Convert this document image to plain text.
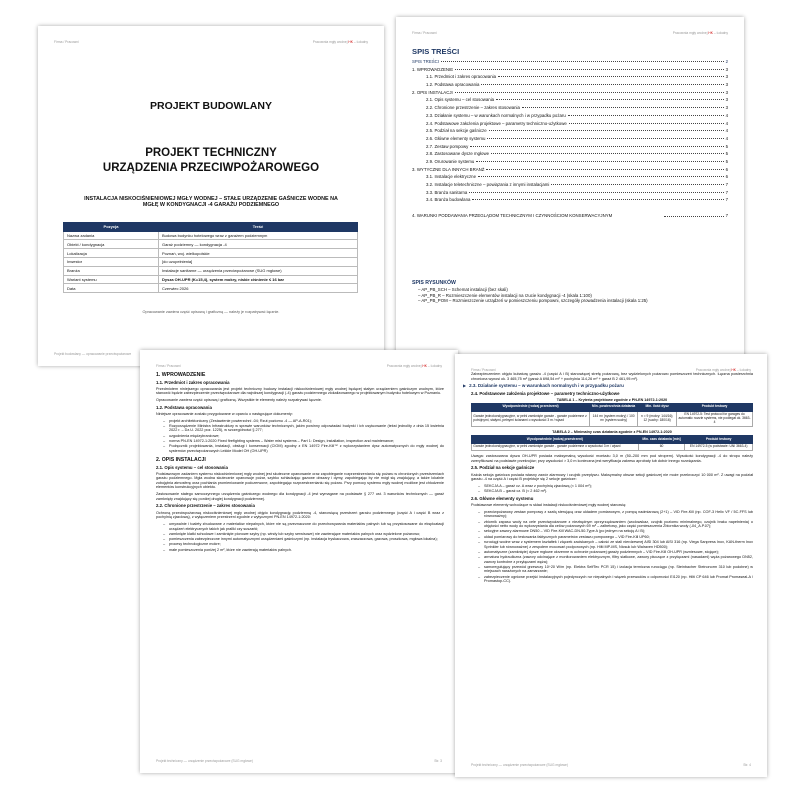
Firma / Pracowni	Pracownia mgły wodnej HK – Łokalny
PROJEKT BUDOWLANY
PROJEKT TECHNICZNY
URZĄDZENIA PRZECIWPOŻAROWEGO
INSTALACJA NISKOCIŚNIENIOWEJ MGŁY WODNEJ – STAŁE URZĄDZENIE GAŚNICZE WODNE NA MGŁĘ W KONDYGNACJI -4 GARAŻU PODZIEMNEGO
Pozycja	Treść
Nazwa zadania	Budowa budynku hotelowego wraz z garażem podziemnym
Obiekt / kondygnacja	Garaż podziemny — kondygnacja -4
Lokalizacja	Poznań, woj. wielkopolskie
Inwestor	[do uzupełnienia]
Branża	Instalacje sanitarne — urządzenia przeciwpożarowe (SUG mgłowe)
Wariant systemu	Dysza OH-UPR (K=15,4), system mokry, niskie ciśnienie ≤ 16 bar
Data	Czerwiec 2026
Opracowanie zawiera część opisową i graficzną — należy je rozpatrywać łącznie.
Projekt budowlany — opracowanie przeciwpożarowe
Firma / Pracowni	Pracownia mgły wodnej HK – Łokalny
SPIS TREŚCI
SPIS TREŚCI	2
1. WPROWADZENIE	3
1.1. Przedmiot i zakres opracowania	3
1.2. Podstawa opracowania	3
2. OPIS INSTALACJI	3
2.1. Opis systemu – cel stosowania	3
2.2. Chronione przestrzenie – zakres stosowania	3
2.3. Działanie systemu – w warunkach normalnych i w przypadku pożaru	4
2.4. Podstawowe założenia projektowe – parametry techniczno-użytkowe	4
2.5. Podział na sekcje gaśnicze	4
2.6. Główne elementy systemu	4
2.7. Zestaw pompowy	5
2.8. Zastosowane dysze mgłowe	5
2.9. Orurowanie systemu	5
3. WYTYCZNE DLA INNYCH BRANŻ	6
3.1. Instalacje elektryczne	6
3.2. Instalacje teletechniczne – powiązania z innymi instalacjami	7
3.3. Branża sanitarna	7
3.4. Branża budowlana	7
4. WARUNKI PODDAWANIA PRZEGLĄDOM TECHNICZNYM I CZYNNOŚCIOM KONSERWACYJNYM	7
SPIS RYSUNKÓW
– AP_PB_SCH – Schemat instalacji (bez skali)
– AP_PB_R – Rozmieszczenie elementów instalacji na rzucie kondygnacji -4 (skala 1:100)
– AP_PB_POM – Rozmieszczenie urządzeń w pomieszczeniu pompowni, szczegóły prowadzenia instalacji (skala 1:25)
Firma / Pracowni	Pracownia mgły wodnej HK – Łokalny
1. WPROWADZENIE
1.1. Przedmiot i zakres opracowania

Przedmiotem niniejszego opracowania jest projekt techniczny budowy instalacji niskociśnieniowej mgły wodnej będącej stałym urządzeniem gaśniczym wodnym, które stanowić będzie zabezpieczenie przeciwpożarowe dla najniższej kondygnacji (-4) garażu podziemnego zlokalizowanego w projektowanym budynku hotelowym w Poznaniu.

Opracowanie zawiera część opisową i graficzną. Wszystkie te elementy należy rozpatrywać łącznie.

1.2. Podstawa opracowania

Niniejsze opracowanie zostało przygotowane w oparciu o następujące dokumenty:

– projekt architektoniczny (Zestawienie powierzchni -04; Rzut poziomu -4 — AP-A-R01);
– Rozporządzenie Ministra Infrastruktury w sprawie warunków technicznych, jakim powinny odpowiadać budynki i ich usytuowanie (tekst jednolity z dnia 15 kwietnia 2022 r. – Dz.U. 2022 poz. 1225), w szczególności § 277;
– uzgodnienia międzybranżowe;
– norma PN-EN 14972-1:2020 Fixed firefighting systems – Water mist systems – Part 1: Design, installation, inspection and maintenance;
– Podręcznik projektowania, instalacji, obsługi i konserwacji (CIOM) zgodny z EN 14972 Fire-Kill™ z wykorzystaniem dysz automatycznych do mgły wodnej do systemów przeciwpożarowych Lekkie Model OH (OH-UPR)
2. OPIS INSTALACJI
2.1. Opis systemu – cel stosowania

Podstawowym zadaniem systemu niskociśnieniowej mgły wodnej jest skuteczne opanowanie oraz zapobieganie rozprzestrzenianiu się pożaru w chronionych przestrzeniach garażu podziemnego. Mgła wodna skutecznie opanowuje pożar, szybko schładzając gazowe obszary i dymy, zapobiegając by nie mógł się znajdujący, a także lokalnie zobojętnia atmosferę oraz pochłania promieniowanie podczerwone, zapobiegając rozprzestrzenianiu się pożaru. Przy pomocy systemu mgły wodnej możliwe jest chłodzenie elementów konstrukcyjnych obiektu.

Zastosowanie stałego samoczynnego urządzenia gaśniczego wodnego dla kondygnacji -4 jest wymagane na podstawie § 277 ust. 3 warunków technicznych — garaż zamknięty znajdujący się poniżej drugiej kondygnacji podziemnej.

2.2. Chronione przestrzenie – zakres stosowania

Ochroną przeciwpożarową niskociśnieniowej mgły wodnej objęto kondygnację podziemną -4, stanowiącą przestrzeń garażu podziemnego (część A i część B wraz z pochylnią zjazdową), z wyłączeniem przestrzeni zgodnie z wytycznymi PN-EN 14972-1:2020:

– umywalnie i toalety zbudowane z materiałów niepalnych, które nie są przeznaczone do przechowywania materiałów palnych lub są przystosowane do eksploatacji urządzeń elektrycznych takich jak prallki czy suszarki;
– zamknięte klatki schodowe i zamknięte pionowe szyby (np. windy lub szyby serwisowe) nie zawierające materiałów palnych oraz wydzielone pożarowo;
– pomieszczenia zabezpieczone innymi automatycznymi urządzeniami gaśniczymi (np. instalacja tryskaczowa, zraszaczowa, gazowa, proszkowa, mgłowa lokalna);
– procesy technologiczne mokre;
– małe pomieszczenia poniżej 2 m², które nie zawierają materiałów palnych.
Projekt techniczny — urządzenie przeciwpożarowe (SUG mgłowe)	Str. 3
Firma / Pracowni	Pracownia mgły wodnej HK – Łokalny

Zabezpieczeniem objęto kubaturę garażu -4 (część A i B) stanowiącej strefę pożarową, bez wydzielonych pożarowo pomieszczeń technicznych. Łączna powierzchnia chroniona wynosi ok. 3 465,75 m² (garaż A 698,54 m² + pochylnia 114,26 m² + garaż B 2 461,95 m²).

▶ 2.3. Działanie systemu – w warunkach normalnych i w przypadku pożaru
2.4. Podstawowe założenia projektowe – parametry techniczno-użytkowe
TABELA 1 – Kryteria projektowe zgodnie z PN-EN 14972-1:2020
Wyodpowiednie (rodzaj przestrzeni)	Min. powierzchnia działania	Min. ilość dysz	Produkt testowy
Garaże jednokondygnacyjne, w pełni zamknięte garaże - garaże podziemne z potrójnymi, stałymi, pełnymi ścianami o wysokości 3 m / wjazd	144 m² (system mokry) / 100 m² (system suchy)	n = 9 (mokry: 144/16); 12 (suchy: 180/16)	EN 14972-5: Test protocol for garages do automatic nozzle systems, nie podlegał ok. 3663-4
TABELA 2 – Minimalny czas działania zgodnie z PN-EN 14972-1:2020
Wyodpowiednie (rodzaj przestrzeni)	Min. czas działania [min]	Produkt testowy
Garaże jednokondygnacyjne, w pełni zamknięte garaże - garaże podziemne o wysokości 3 m / wjazd	60	EN 14972-5 (w podstawie: UNI 3663-4)

Uwaga: zastosowana dysza OH-UPR posiada maksymalną wysokość montażu 3,0 m (50–200 mm pod stropem). Wysokość kondygnacji -4 do stropu należy zweryfikować na podstawie przekrojów; przy wysokości > 3,0 m konieczna jest weryfikacja zakresu aprobaty lub dobór innego rozwiązania.

2.5. Podział na sekcje gaśnicze

Każda sekcja gaśnicza posiada własny zawór alarmowy i czujnik przepływu. Maksymalny obszar sekcji gaśniczej nie może przekroczyć 10 000 m². Z uwagi na podział garażu -4 na część A i część B projektuje się 2 sekcje gaśnicze:

– SEKCJA A – garaż cz. A wraz z pochylnią zjazdową (≈ 1 004 m²);
– SEKCJA B – garaż cz. B (≈ 2 462 m²).
2.6. Główne elementy systemu

Podstawowe elementy wchodzące w skład instalacji niskociśnieniowej mgły wodnej stanowią:

– przeciwpożarowy zestaw pompowy z szafą sterującą oraz układem pomiarowym, z pompą nadmiarową (2+1) – VID Fire-Kill (np. COF-3 Helix VF / 5C-FFS lub równoważny);
– zbiornik zapasu wody na cele przeciwpożarowe z niezbędnym oprzyrządowaniem (wodowskaz, czujnik poziomu minimalnego, czujnik braku napełnienia) o objętości netto wody do wykorzystania dla celów pożarowych 69 m³ – zalbetowy, jako część pomieszczenia Zbiornika wody (-04_A.P.07);
– sekcyjne zawory alarmowe DN50 – VID Fire-Kill WAC-DN-50-Type A (po jednym na sekcję A i B);
– układ pomiarowy do testowania faktycznych parametrów zestawu pompowego – VID Fire-Kill UP60;
– rurociągi wodne wraz z systemem kształtek i złączek zaciskanych – całość ze stali nierdzewnej AISI 304 lub AISI 316 (np. Viega Sanpress Inox, KAN-therm Inox Sprinkler lub równoważne) z zespołem mocowań podporowych (np. Hilti MP-MS, Nicsuk lub Walraven HD500);
– automatyczne (zamknięte) dysze mgłowe okrzenne w ochronie pożarowej garaży podziemnych – VID Fire-Kill OH-UPR (wzniesowe, stojące);
– armatura hydrauliczna (zawory odcinające z monitorowaniem elektrycznym, filtry siatkowe, zawory płuczące z przyłączami (nasadami) węża pożarowego DN52, zawory kontrolne z przyłączami węża);
– samoregulujący przewód grzewczy 10÷20 W/m (np. Elektra SelfTec PCR 15) i izolacja termiczna rurociągu (np. Steinbacher Steinonorm 310 lub podobne) w miejscach narażonych na zamarzanie;
– zabezpieczenie ogniowe przejść instalacyjnych pojedynczych rur niepalnych i wiązek przewodów o odporności EI120 (np. Hilti CP 646 lub Promat Promaseal-A / Promastop-CC).
Projekt techniczny — urządzenie przeciwpożarowe (SUG mgłowe)	Str. 4
